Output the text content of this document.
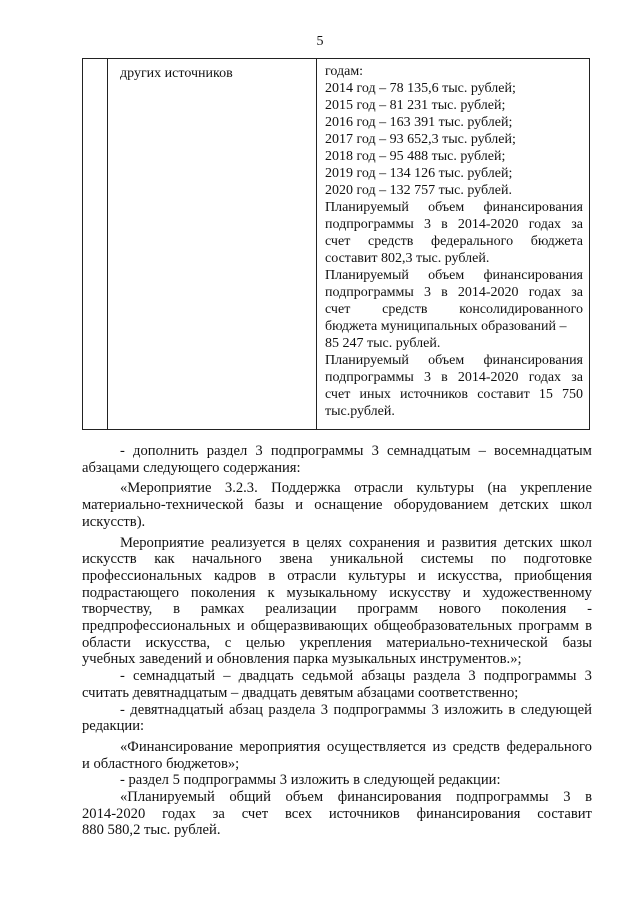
5
других источников	годам:
2014 год – 78 135,6 тыс. рублей;
2015 год – 81 231 тыс. рублей;
2016 год – 163 391 тыс. рублей;
2017 год – 93 652,3 тыс. рублей;
2018 год – 95 488 тыс. рублей;
2019 год – 134 126 тыс. рублей;
2020 год – 132 757 тыс. рублей.
Планируемый объем финансирования
подпрограммы 3 в 2014-2020 годах за
счет средств федерального бюджета
составит 802,3 тыс. рублей.
Планируемый объем финансирования
подпрограммы 3 в 2014-2020 годах за
счет средств консолидированного
бюджета муниципальных образований –
85 247 тыс. рублей.
Планируемый объем финансирования
подпрограммы 3 в 2014-2020 годах за
счет иных источников составит 15 750
тыс.рублей.
- дополнить раздел 3 подпрограммы 3 семнадцатым – восемнадцатым
абзацами следующего содержания:
«Мероприятие 3.2.3. Поддержка отрасли культуры (на укрепление
материально-технической базы и оснащение оборудованием детских школ
искусств).
Мероприятие реализуется в целях сохранения и развития детских школ
искусств как начального звена уникальной системы по подготовке
профессиональных кадров в отрасли культуры и искусства, приобщения
подрастающего поколения к музыкальному искусству и художественному
творчеству, в рамках реализации программ нового поколения -
предпрофессиональных и общеразвивающих общеобразовательных программ в
области искусства, с целью укрепления материально-технической базы
учебных заведений и обновления парка музыкальных инструментов.»;
- семнадцатый – двадцать седьмой абзацы раздела 3 подпрограммы 3
считать девятнадцатым – двадцать девятым абзацами соответственно;
- девятнадцатый абзац раздела 3 подпрограммы 3 изложить в следующей
редакции:
«Финансирование мероприятия осуществляется из средств федерального
и областного бюджетов»;
- раздел 5 подпрограммы 3 изложить в следующей редакции:
«Планируемый общий объем финансирования подпрограммы 3 в
2014-2020 годах за счет всех источников финансирования составит
880 580,2 тыс. рублей.
